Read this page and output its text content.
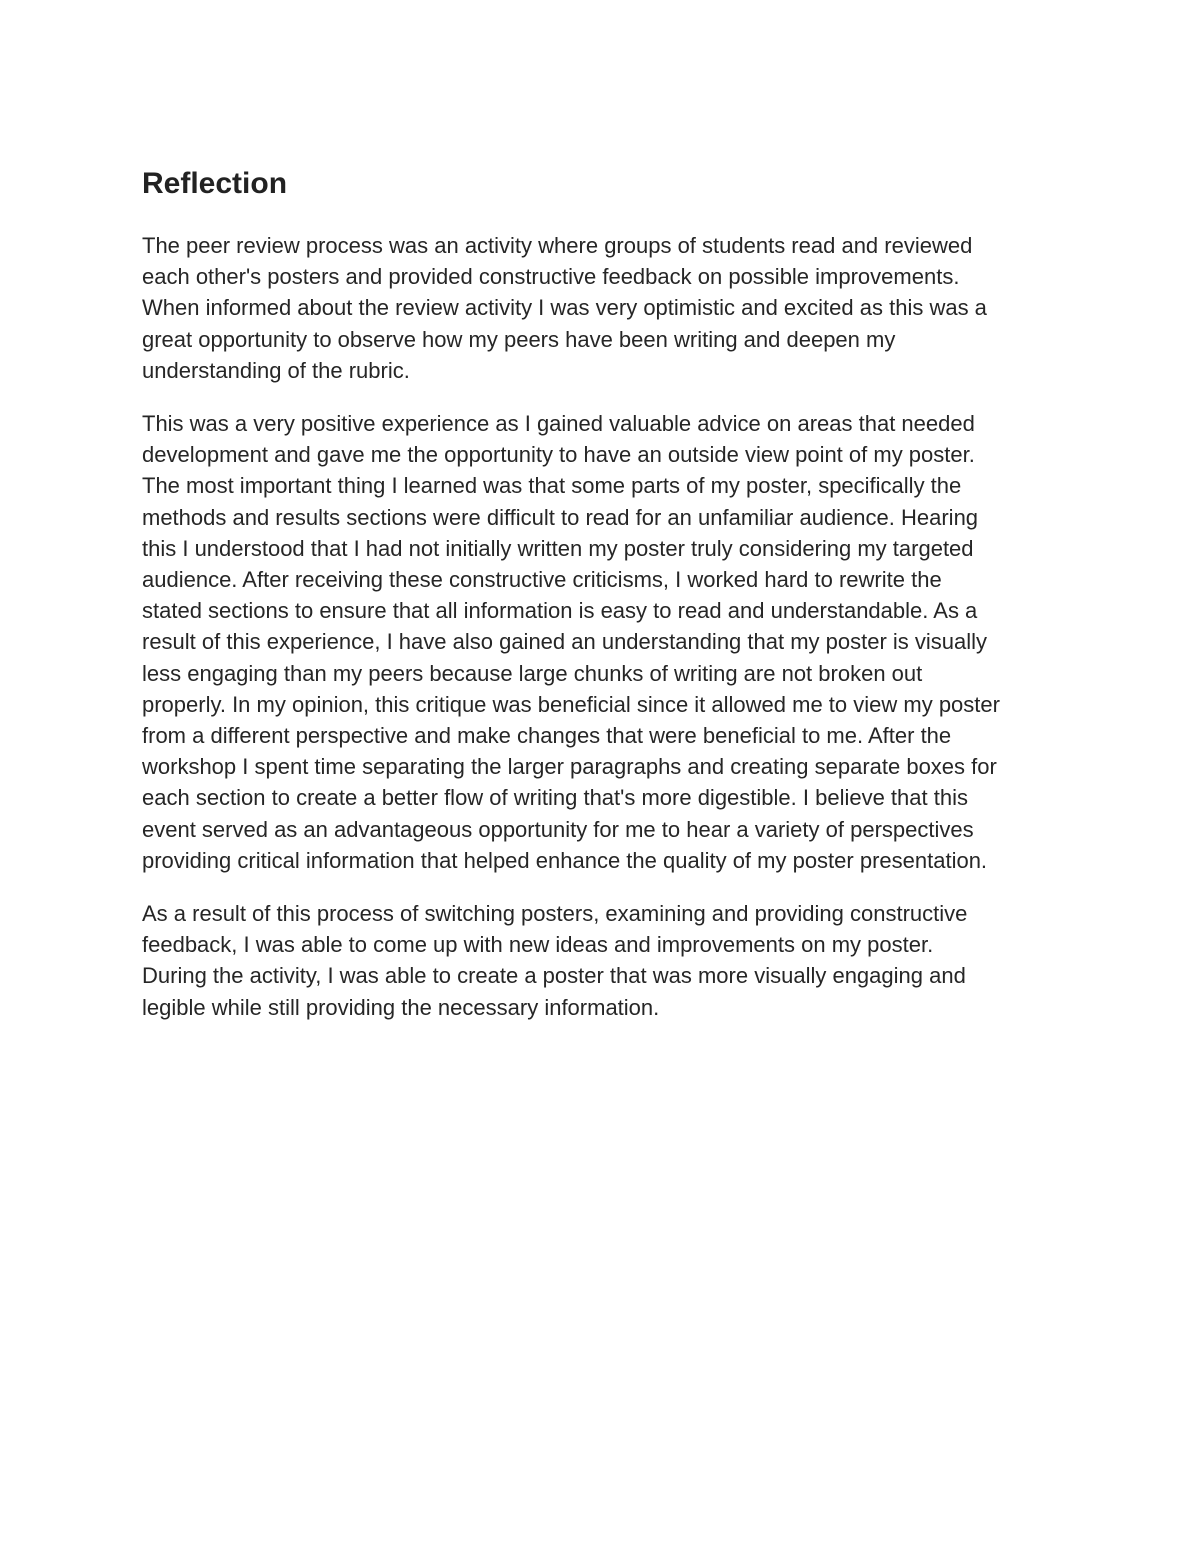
Reflection
The peer review process was an activity where groups of students read and reviewed
each other's posters and provided constructive feedback on possible improvements.
When informed about the review activity I was very optimistic and excited as this was a
great opportunity to observe how my peers have been writing and deepen my
understanding of the rubric.
This was a very positive experience as I gained valuable advice on areas that needed
development and gave me the opportunity to have an outside view point of my poster.
The most important thing I learned was that some parts of my poster, specifically the
methods and results sections were difficult to read for an unfamiliar audience. Hearing
this I understood that I had not initially written my poster truly considering my targeted
audience. After receiving these constructive criticisms, I worked hard to rewrite the
stated sections to ensure that all information is easy to read and understandable. As a
result of this experience, I have also gained an understanding that my poster is visually
less engaging than my peers because large chunks of writing are not broken out
properly. In my opinion, this critique was beneficial since it allowed me to view my poster
from a different perspective and make changes that were beneficial to me. After the
workshop I spent time separating the larger paragraphs and creating separate boxes for
each section to create a better flow of writing that's more digestible. I believe that this
event served as an advantageous opportunity for me to hear a variety of perspectives
providing critical information that helped enhance the quality of my poster presentation.
As a result of this process of switching posters, examining and providing constructive
feedback, I was able to come up with new ideas and improvements on my poster.
During the activity, I was able to create a poster that was more visually engaging and
legible while still providing the necessary information.
